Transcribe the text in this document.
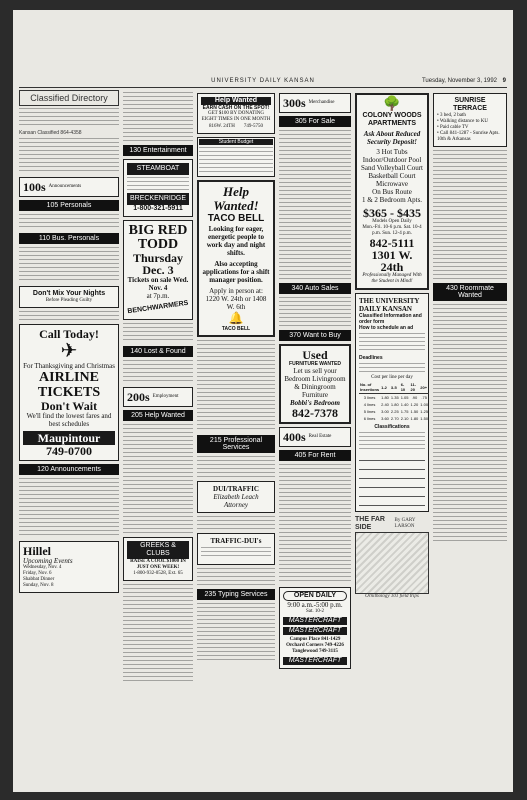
UNIVERSITY DAILY KANSAN	Tuesday, November 3, 1992 9
Classified Directory
Kansan Classified 864-4358
100s Announcements
105 Personals
110 Bus. Personals
Don't Mix Your Nights
Before Pleading Guilty
Call Today!
✈
For Thanksgiving and Christmas
AIRLINE TICKETS
Don't Wait
We'll find the lowest fares and best schedules
Maupintour
749-0700
120 Announcements
Hillel
Upcoming Events
Wednesday, Nov. 4
Friday, Nov. 6
Shabbat Dinner
Sunday, Nov. 8
130 Entertainment
STEAMBOAT
BRECKENRIDGE
1-800-321-5911
BIG RED TODD
Thursday Dec. 3
Tickets on sale Wed. Nov. 4
at 7p.m.
BENCHWARMERS
140 Lost & Found
200s Employment
205 Help Wanted
GREEKS & CLUBS
RAISE A COOL $1000 IN JUST ONE WEEK!
1-800-932-0528, Ext. 65
Help Wanted
EARN CASH ON THE SPOT!
GET $100 BY DONATING EIGHT TIMES IN ONE MONTH
816W. 24TH 749-5750
Student Budget
Help Wanted!
TACO BELL
Looking for eager, energetic people to work day and night shifts.
Also accepting applications for a shift manager position.
Apply in person at: 1220 W. 24th or 1408 W. 6th
🔔
TACO BELL
215 Professional Services
DUI/TRAFFIC
Elizabeth Leach Attorney
TRAFFIC-DUI's
235 Typing Services
300s Merchandise
305 For Sale
340 Auto Sales
370 Want to Buy
Used
FURNITURE WANTED
Let us sell your Bedroom Livingroom & Diningroom Furniture
Bobbi's Bedroom
842-7378
400s Real Estate
405 For Rent
OPEN DAILY
9:00 a.m.-5:00 p.m.
Sat. 10-2
MASTERCRAFT
MASTERCRAFT
Campus Place 841-1429
Orchard Corners 749-4226
Tanglewood 749-3115
MASTERCRAFT
🌳
COLONY WOODS APARTMENTS
Ask About Reduced Security Deposit!
3 Hot Tubs
Indoor/Outdoor Pool
Sand Volleyball Court
Basketball Court
Microwave
On Bus Route
1 & 2 Bedroom Apts.
$365 - $435
Models Open Daily
Mon.-Fri. 10-6 p.m. Sat. 10-4 p.m. Sun. 12-4 p.m.
842-5111
1301 W. 24th
Professionally Managed With the Student in Mind!
THE UNIVERSITY DAILY KANSAN
Classified Information and order form
How to schedule an ad
Deadlines
Cost per line per day
No. of Insertions	1-2	3-5	6-10	11-20	20+
3 lines	1.80	1.35	1.05	.90	.75
4 lines	2.40	1.80	1.40	1.20	1.00
5 lines	3.00	2.25	1.75	1.50	1.25
6 lines	3.60	2.70	2.10	1.80	1.50
Classifications
THE FAR SIDE
By GARY LARSON
Ornithology 101 field trips
SUNRISE TERRACE
• 3 bed, 2 bath
• Walking distance to KU
• Paid cable TV
• Call 841-1287 - Sunrise Apts. 10th & Arkansas
430 Roommate Wanted
